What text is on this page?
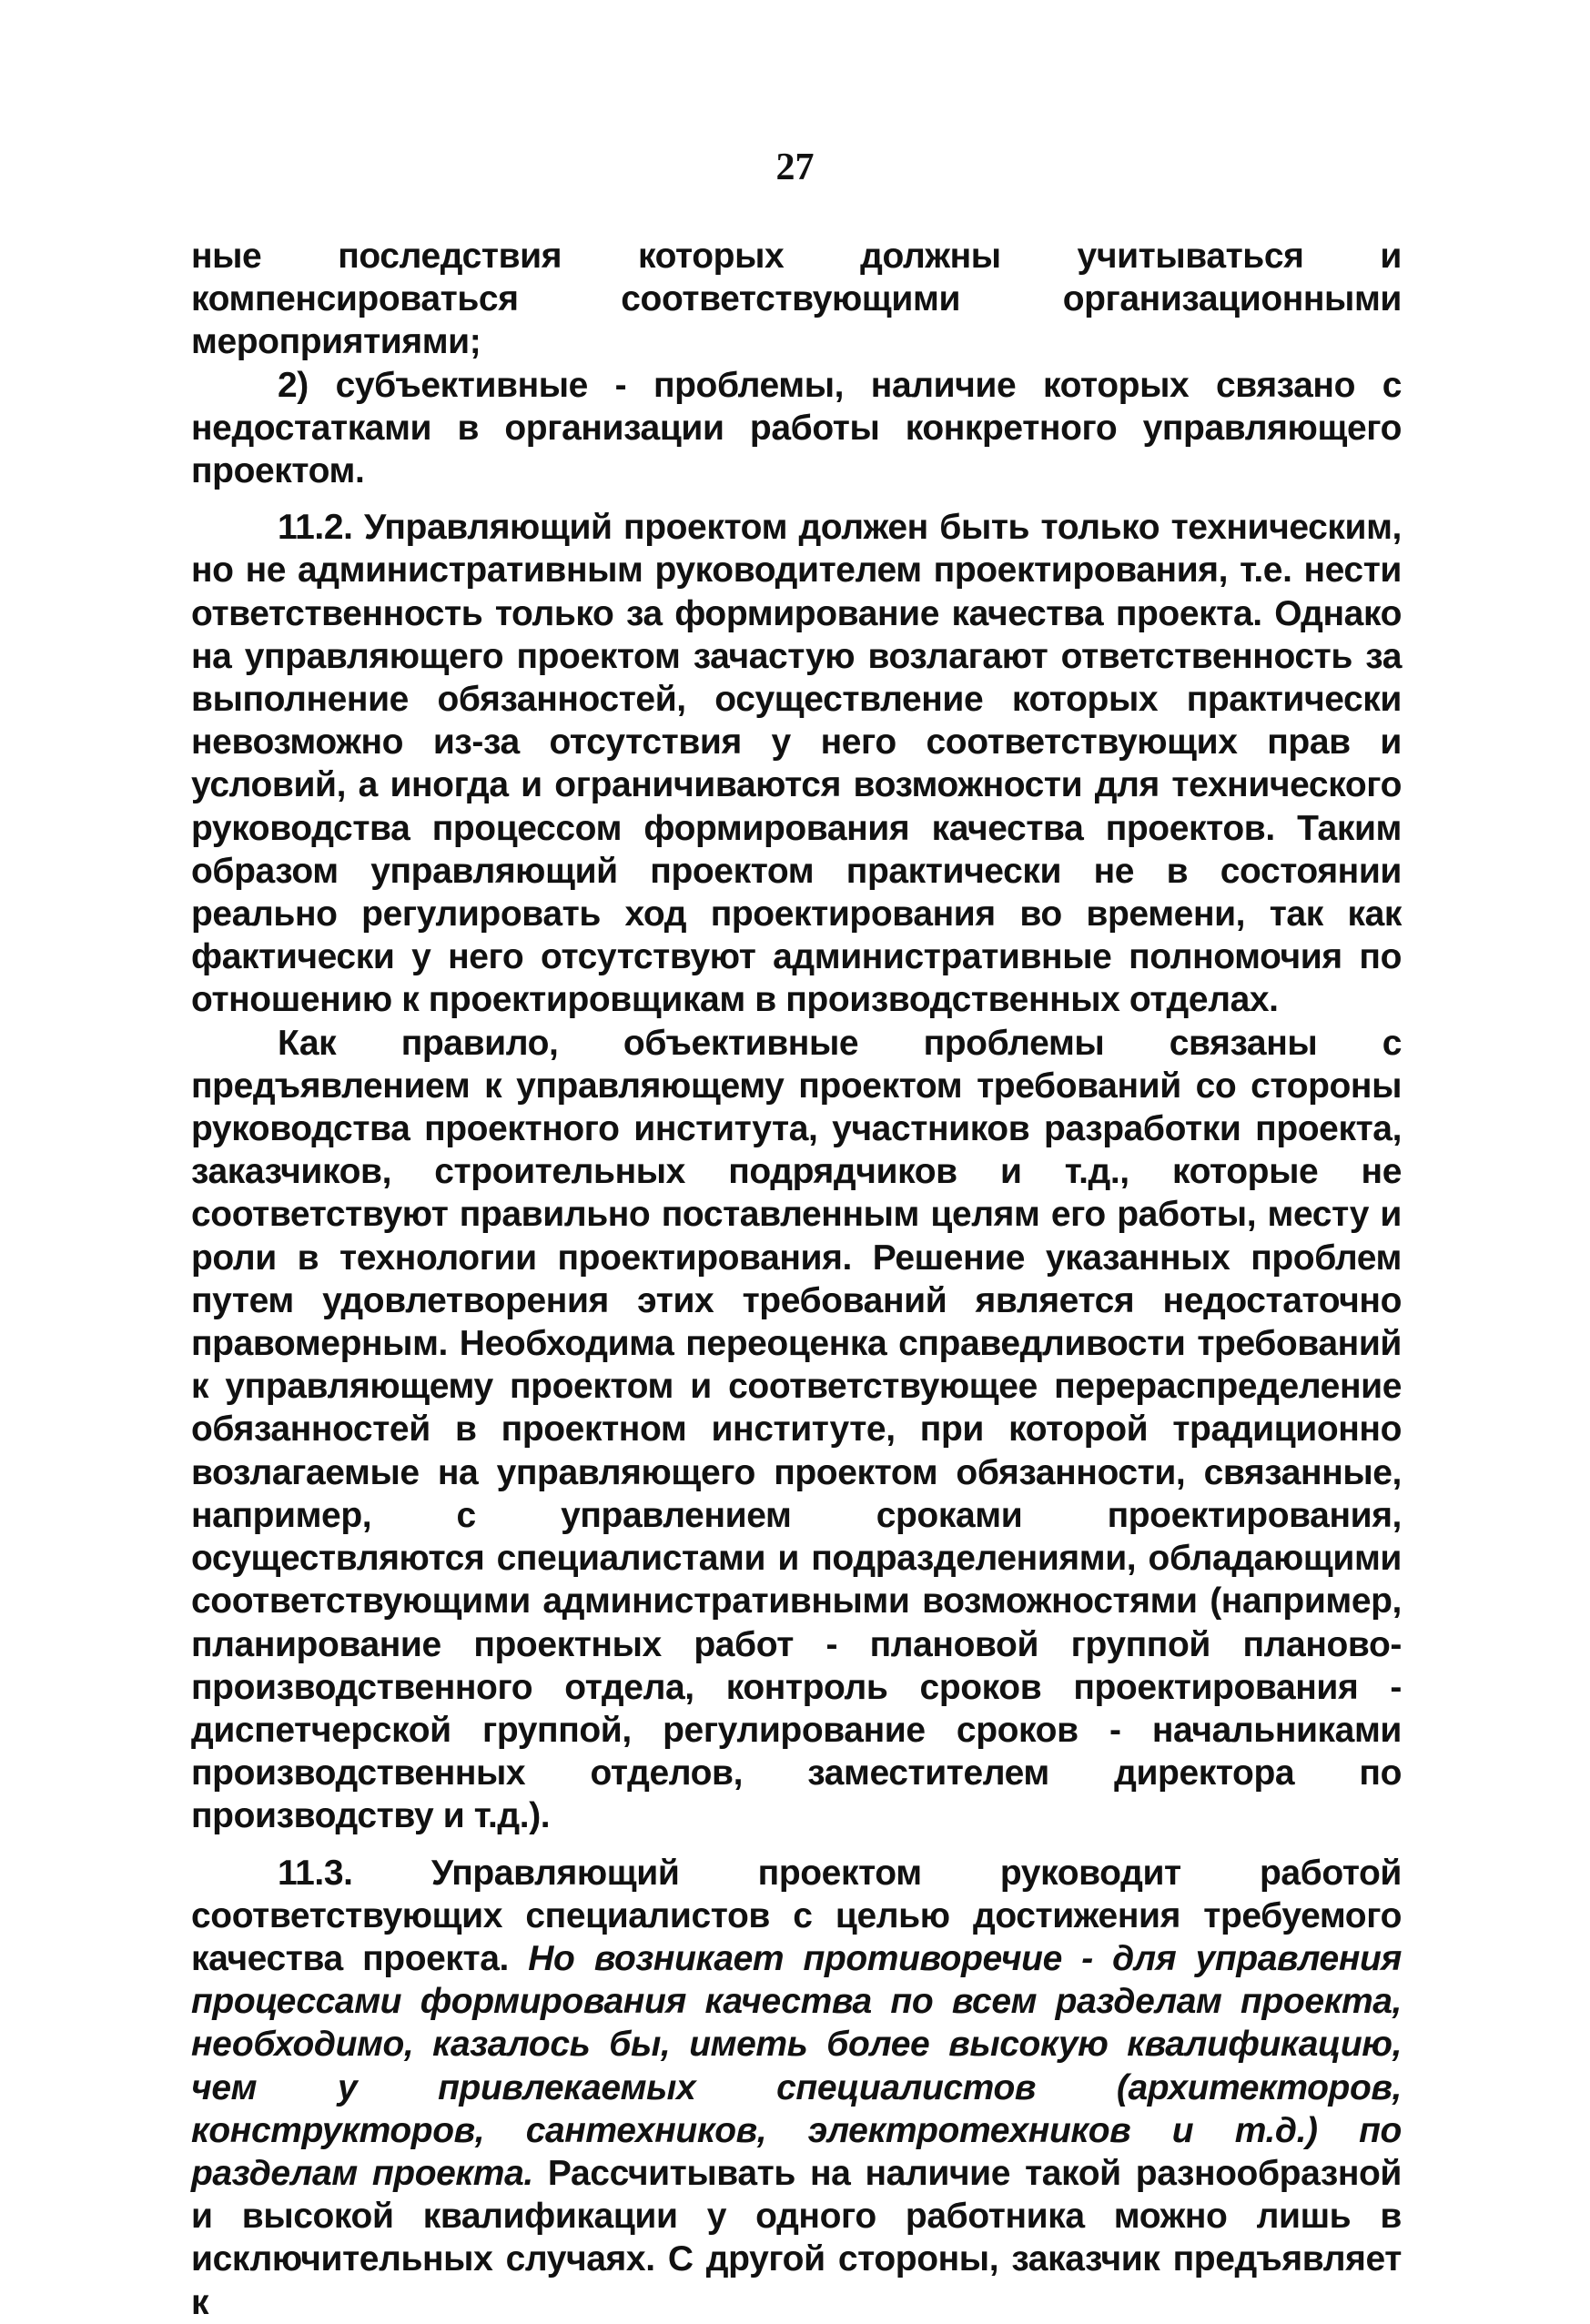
27

ные последствия которых должны учитываться и компенсироваться соответствующими организационными мероприятиями;

2) субъективные - проблемы, наличие которых связано с недостатками в организации работы конкретного управляющего проектом.

11.2. Управляющий проектом должен быть только техническим, но не административным руководителем проектирования, т.е. нести ответственность только за формирование качества проекта. Однако на управляющего проектом зачастую возлагают ответственность за выполнение обязанностей, осуществление которых практически невозможно из-за отсутствия у него соответствующих прав и условий, а иногда и ограничиваются возможности для технического руководства процессом формирования качества проектов. Таким образом управляющий проектом практически не в состоянии реально регулировать ход проектирования во времени, так как фактически у него отсутствуют административные полномочия по отношению к проектировщикам в производственных отделах.

Как правило, объективные проблемы связаны с предъявлением к управляющему проектом требований со стороны руководства проектного института, участников разработки проекта, заказчиков, строительных подрядчиков и т.д., которые не соответствуют правильно поставленным целям его работы, месту и роли в технологии проектирования. Решение указанных проблем путем удовлетворения этих требований является недостаточно правомерным. Необходима переоценка справедливости требований к управляющему проектом и соответствующее перераспределение обязанностей в проектном институте, при которой традиционно возлагаемые на управляющего проектом обязанности, связанные, например, с управлением сроками проектирования, осуществляются специалистами и подразделениями, обладающими соответствующими административными возможностями (например, планирование проектных работ - плановой группой планово-производственного отдела, контроль сроков проектирования - диспетчерской группой, регулирование сроков - начальниками производственных отделов, заместителем директора по производству и т.д.).

11.3. Управляющий проектом руководит работой соответствующих специалистов с целью достижения требуемого качества проекта. Но возникает противоречие - для управления процессами формирования качества по всем разделам проекта, необходимо, казалось бы, иметь более высокую квалификацию, чем у привлекаемых специалистов (архитекторов, конструкторов, сантехников, электротехников и т.д.) по разделам проекта. Рассчитывать на наличие такой разнообразной и высокой квалификации у одного работника можно лишь в исключительных случаях. С другой стороны, заказчик предъявляет к
